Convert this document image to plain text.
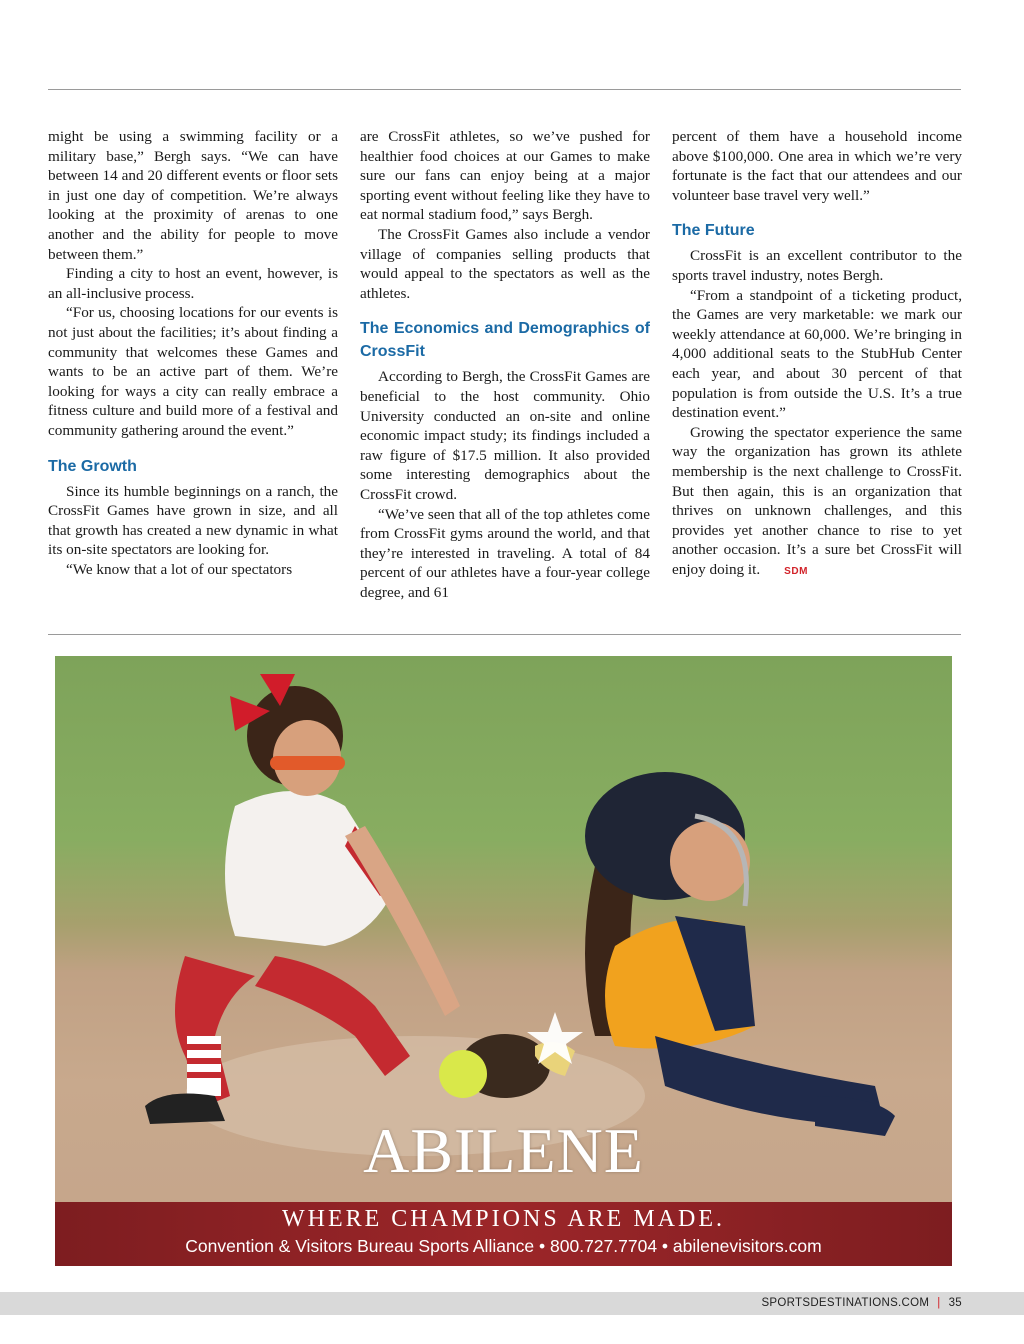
might be using a swimming facility or a military base,” Bergh says. “We can have between 14 and 20 different events or floor sets in just one day of competition. We’re always looking at the proximity of arenas to one another and the ability for people to move between them.”

Finding a city to host an event, however, is an all-inclusive process.

“For us, choosing locations for our events is not just about the facilities; it’s about finding a community that welcomes these Games and wants to be an active part of them. We’re looking for ways a city can really embrace a fitness culture and build more of a festival and community gathering around the event.”

The Growth

Since its humble beginnings on a ranch, the CrossFit Games have grown in size, and all that growth has created a new dynamic in what its on-site spectators are looking for.

“We know that a lot of our spectators

are CrossFit athletes, so we’ve pushed for healthier food choices at our Games to make sure our fans can enjoy being at a major sporting event without feeling like they have to eat normal stadium food,” says Bergh.

The CrossFit Games also include a vendor village of companies selling products that would appeal to the spectators as well as the athletes.

The Economics and Demographics of CrossFit

According to Bergh, the CrossFit Games are beneficial to the host community. Ohio University conducted an on-site and online economic impact study; its findings included a raw figure of $17.5 million. It also provided some interesting demographics about the CrossFit crowd.

“We’ve seen that all of the top athletes come from CrossFit gyms around the world, and that they’re interested in traveling. A total of 84 percent of our athletes have a four-year college degree, and 61

percent of them have a household income above $100,000. One area in which we’re very fortunate is the fact that our attendees and our volunteer base travel very well.”

The Future

CrossFit is an excellent contributor to the sports travel industry, notes Bergh.

“From a standpoint of a ticketing product, the Games are very marketable: we mark our weekly attendance at 60,000. We’re bringing in 4,000 additional seats to the StubHub Center each year, and about 30 percent of that population is from outside the U.S. It’s a true destination event.”

Growing the spectator experience the same way the organization has grown its athlete membership is the next challenge to CrossFit. But then again, this is an organization that thrives on unknown challenges, and this provides yet another chance to rise to yet another occasion. It’s a sure bet CrossFit will enjoy doing it. SDM

ABILENE
WHERE CHAMPIONS ARE MADE.
Convention & Visitors Bureau Sports Alliance • 800.727.7704 • abilenevisitors.com
SPORTSDESTINATIONS.COM | 35
